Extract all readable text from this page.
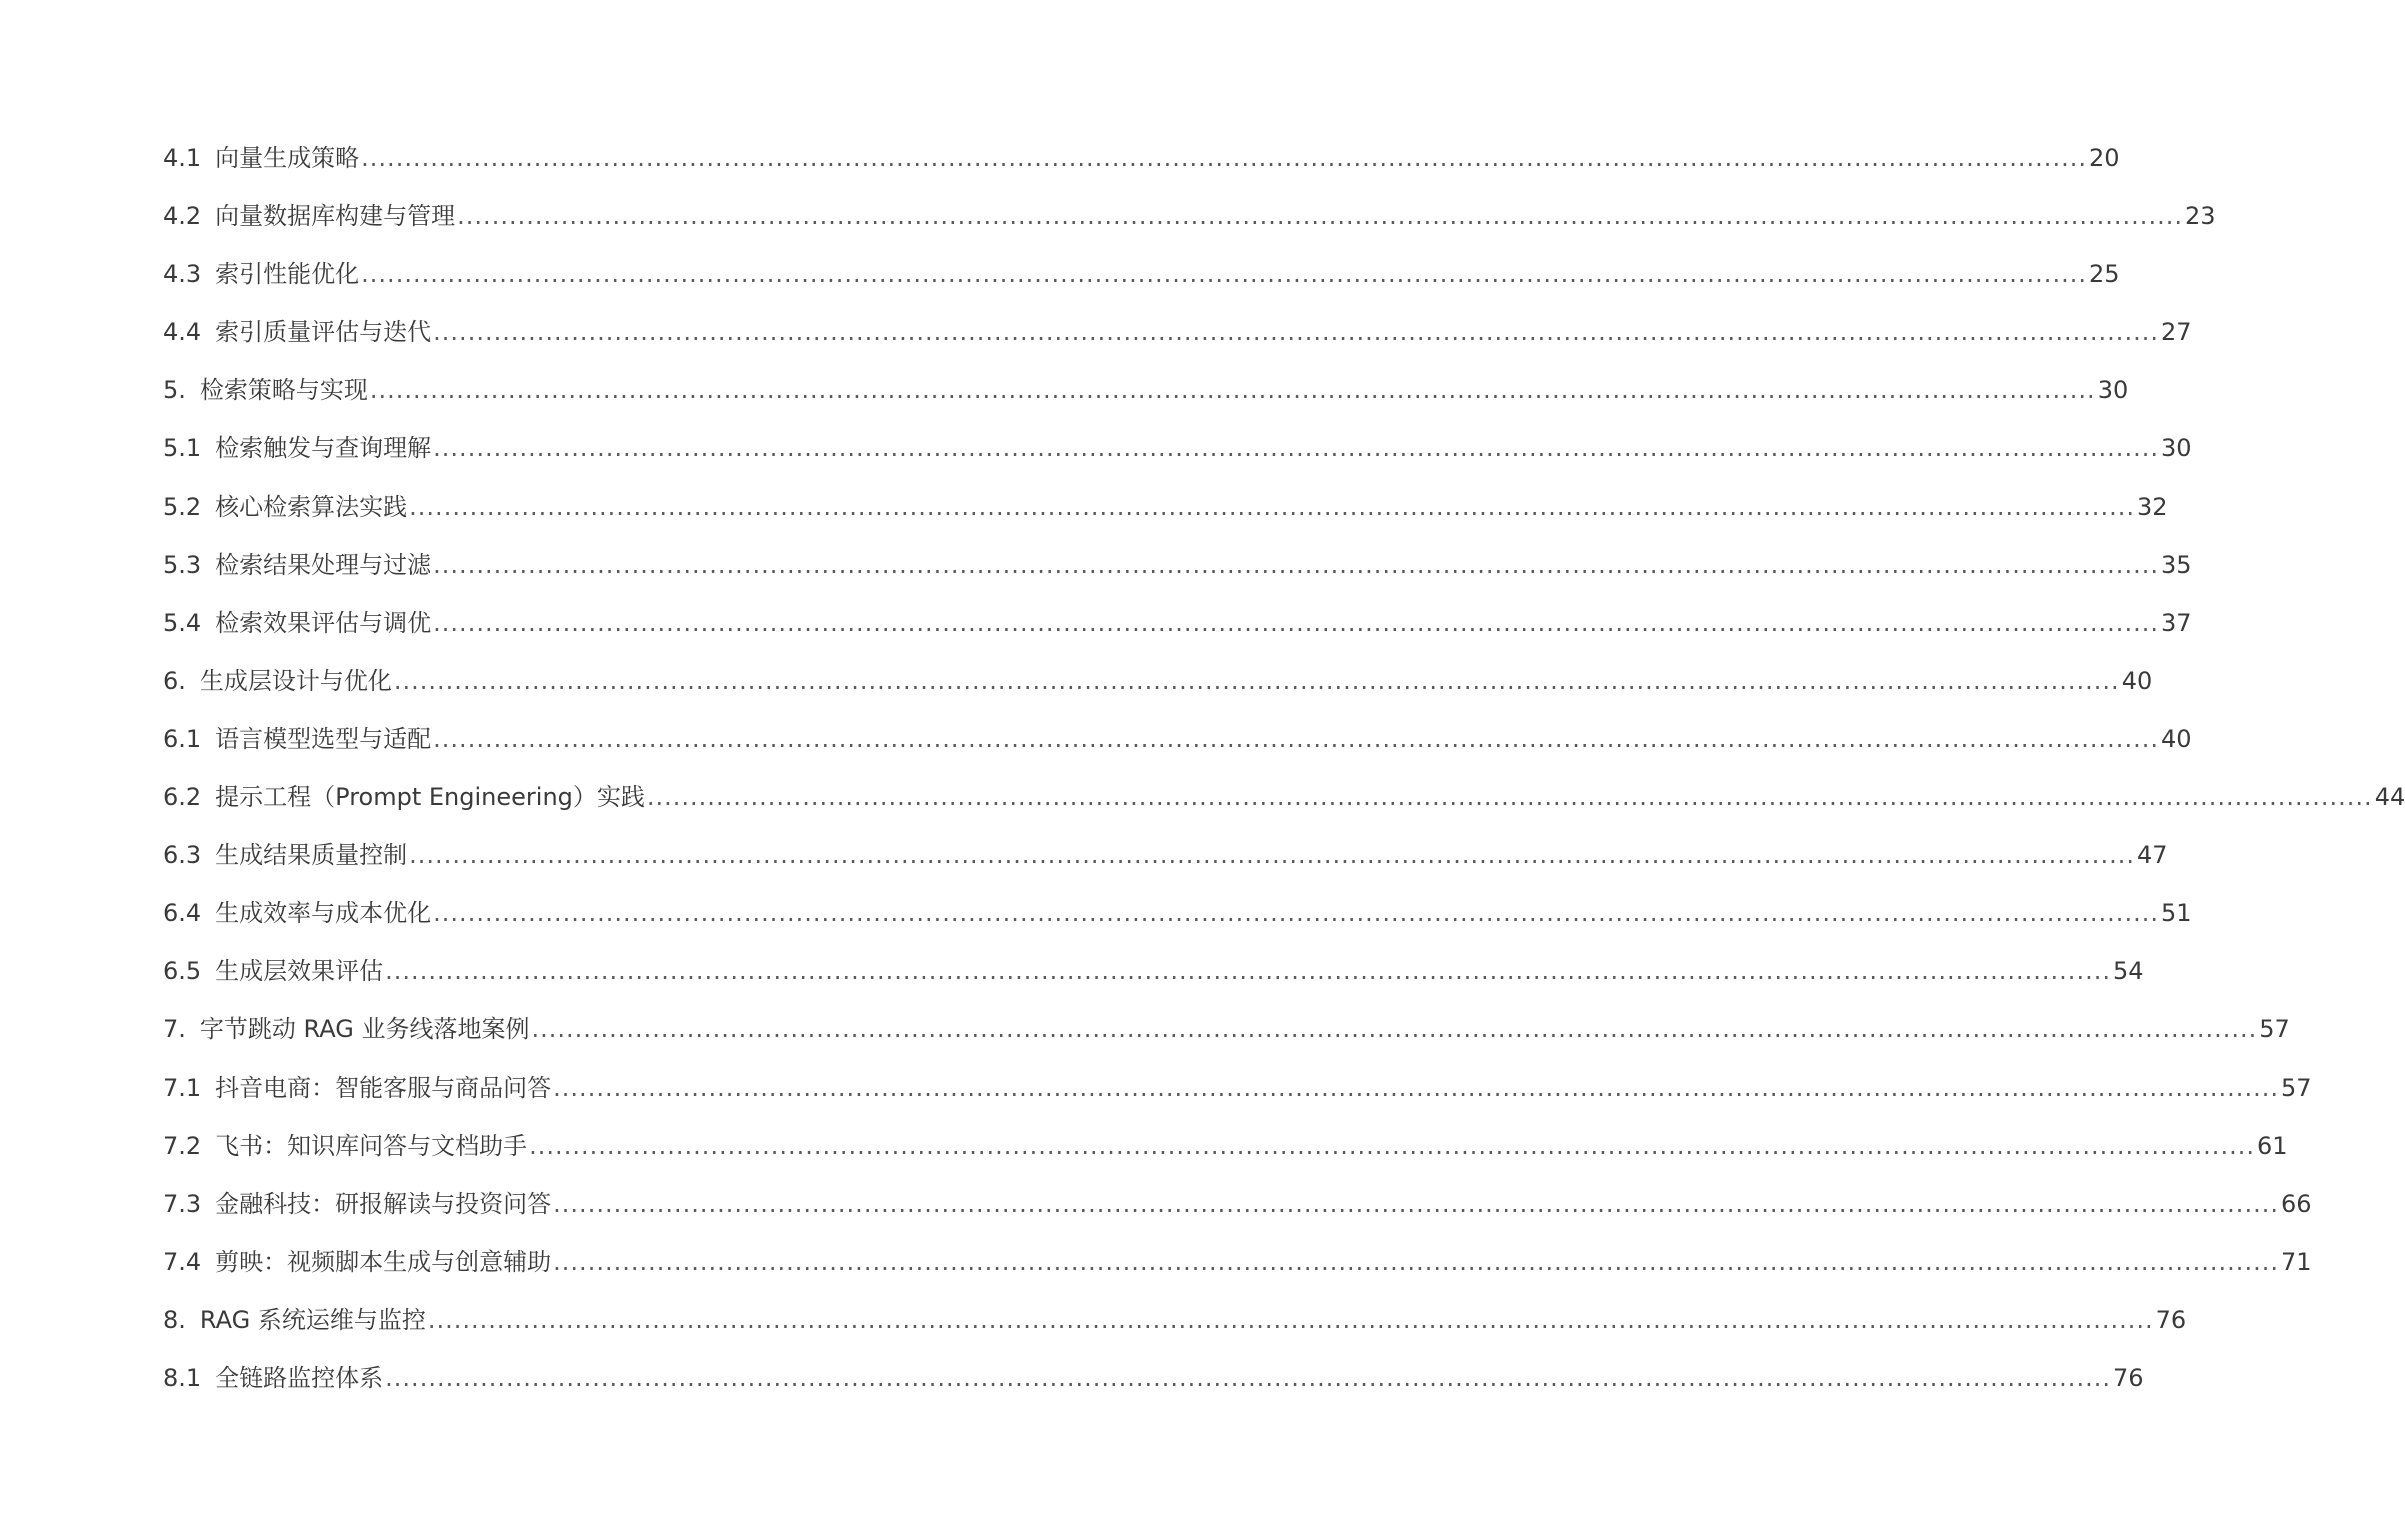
4.1 向量生成策略 ........................................................................................................................................................................................................ 20
4.2 向量数据库构建与管理 ........................................................................................................................................................................................................ 23
4.3 索引性能优化 ........................................................................................................................................................................................................ 25
4.4 索引质量评估与迭代 ........................................................................................................................................................................................................ 27
5. 检索策略与实现 ........................................................................................................................................................................................................ 30
5.1 检索触发与查询理解 ........................................................................................................................................................................................................ 30
5.2 核心检索算法实践 ........................................................................................................................................................................................................ 32
5.3 检索结果处理与过滤 ........................................................................................................................................................................................................ 35
5.4 检索效果评估与调优 ........................................................................................................................................................................................................ 37
6. 生成层设计与优化 ........................................................................................................................................................................................................ 40
6.1 语言模型选型与适配 ........................................................................................................................................................................................................ 40
6.2 提示工程（Prompt Engineering）实践 ........................................................................................................................................................................................................ 44
6.3 生成结果质量控制 ........................................................................................................................................................................................................ 47
6.4 生成效率与成本优化 ........................................................................................................................................................................................................ 51
6.5 生成层效果评估 ........................................................................................................................................................................................................ 54
7. 字节跳动 RAG 业务线落地案例 ........................................................................................................................................................................................................ 57
7.1 抖音电商：智能客服与商品问答 ........................................................................................................................................................................................................ 57
7.2 飞书：知识库问答与文档助手 ........................................................................................................................................................................................................ 61
7.3 金融科技：研报解读与投资问答 ........................................................................................................................................................................................................ 66
7.4 剪映：视频脚本生成与创意辅助 ........................................................................................................................................................................................................ 71
8. RAG 系统运维与监控 ........................................................................................................................................................................................................ 76
8.1 全链路监控体系 ........................................................................................................................................................................................................ 76
